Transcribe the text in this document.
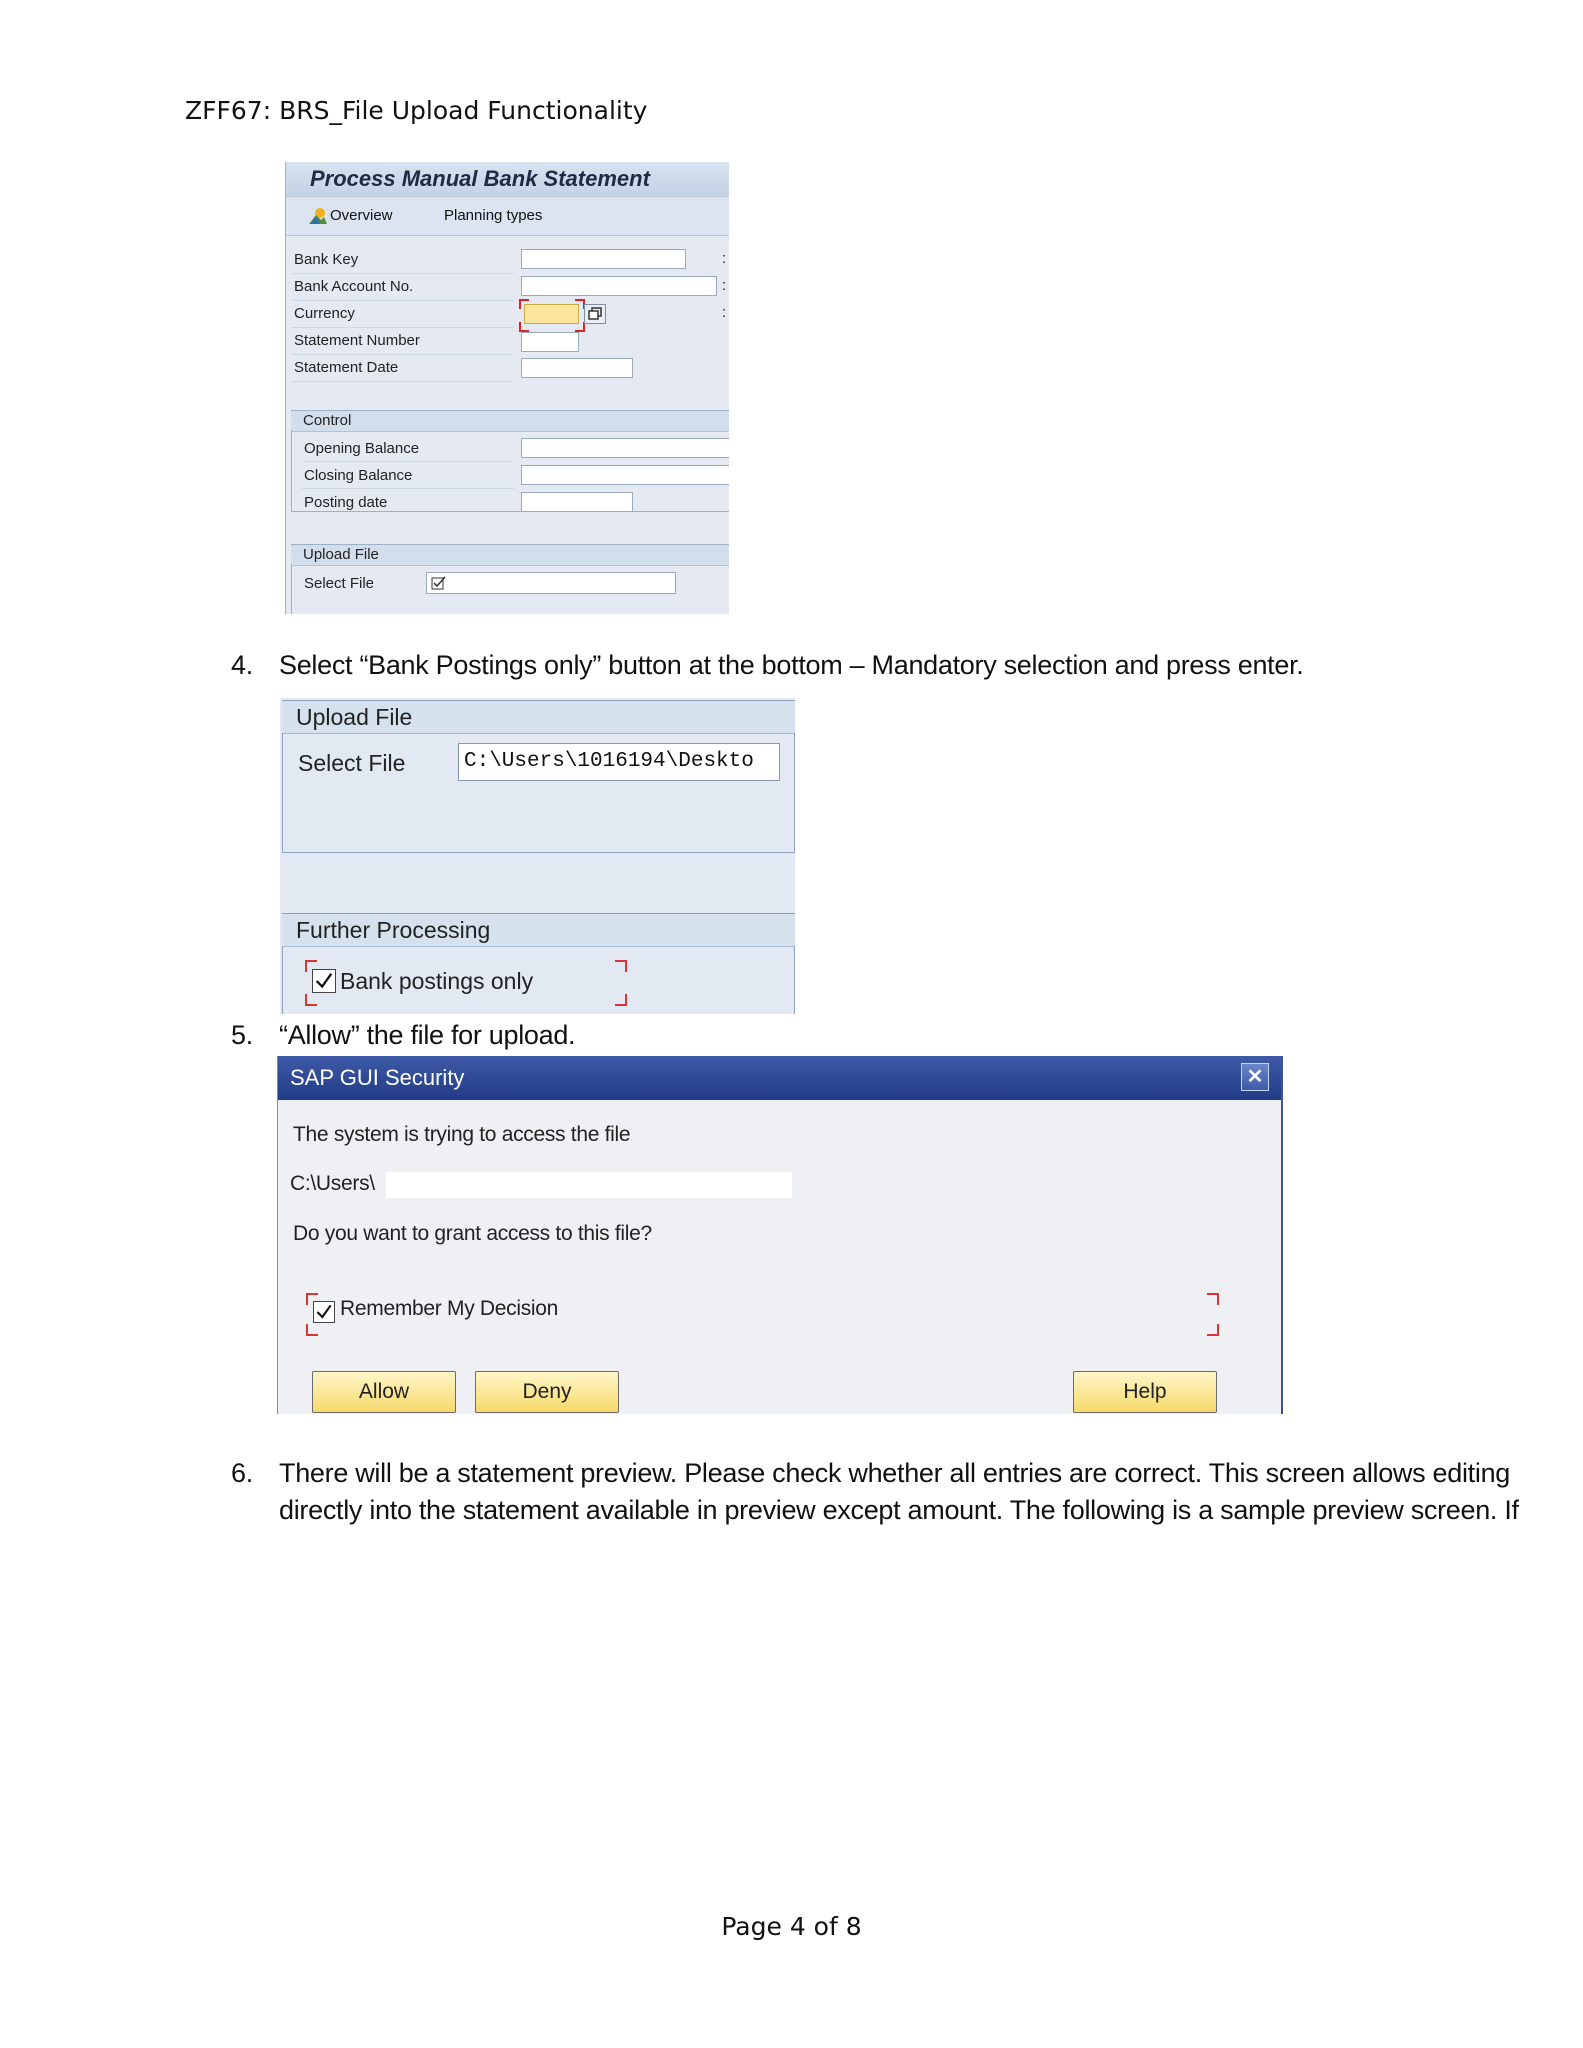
ZFF67: BRS_File Upload Functionality
Process Manual Bank Statement
Overview	Planning types
Bank Key	:
Bank Account No.	:
Currency	:
Statement Number
Statement Date
Control
Opening Balance
Closing Balance
Posting date
Upload File
Select File
4. Select “Bank Postings only” button at the bottom – Mandatory selection and press enter.
Upload File
Select File	C:\Users\1016194\Deskto
Further Processing
Bank postings only
5. “Allow” the file for upload.
SAP GUI Security	✕
The system is trying to access the file
C:\Users\
Do you want to grant access to this file?
Remember My Decision
Allow	Deny	Help
6. There will be a statement preview. Please check whether all entries are correct. This screen allows editing
directly into the statement available in preview except amount. The following is a sample preview screen. If
Page 4 of 8
